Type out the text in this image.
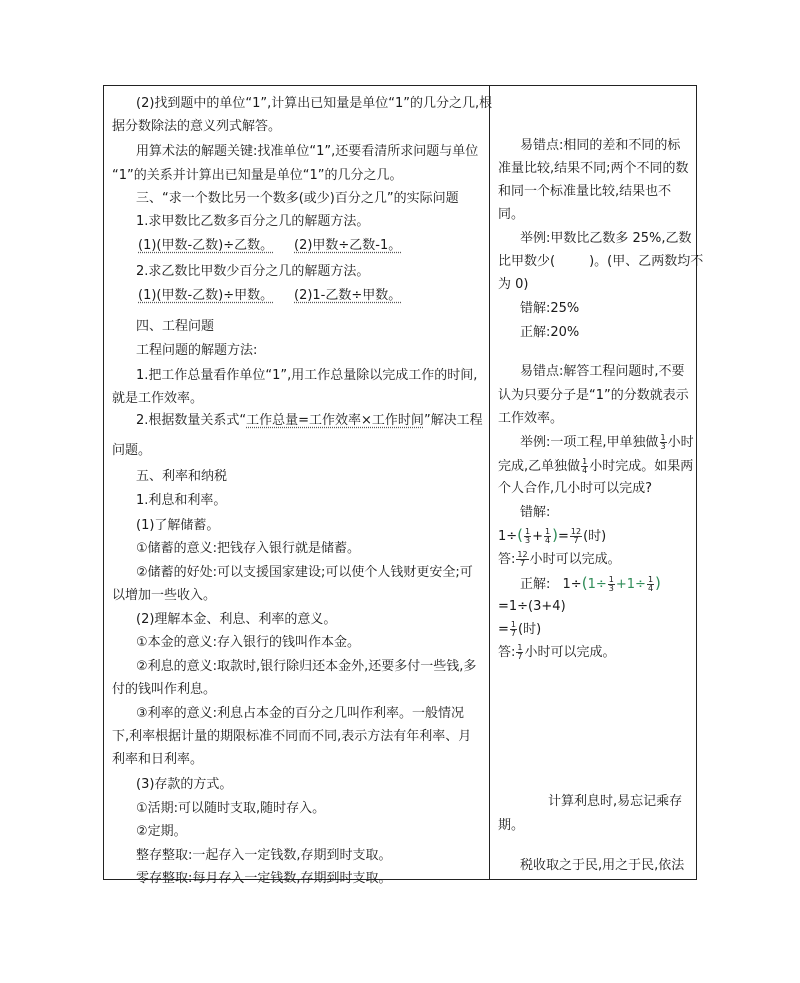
(2)找到题中的单位“1”,计算出已知量是单位“1”的几分之几,根
据分数除法的意义列式解答。
用算术法的解题关键:找准单位“1”,还要看清所求问题与单位
“1”的关系并计算出已知量是单位“1”的几分之几。
三、“求一个数比另一个数多(或少)百分之几”的实际问题
1.求甲数比乙数多百分之几的解题方法。
(1)(甲数-乙数)÷乙数。 (2)甲数÷乙数-1。
2.求乙数比甲数少百分之几的解题方法。
(1)(甲数-乙数)÷甲数。 (2)1-乙数÷甲数。
四、工程问题
工程问题的解题方法:
1.把工作总量看作单位“1”,用工作总量除以完成工作的时间,
就是工作效率。
2.根据数量关系式“工作总量=工作效率×工作时间”解决工程
问题。
五、利率和纳税
1.利息和利率。
(1)了解储蓄。
①储蓄的意义:把钱存入银行就是储蓄。
②储蓄的好处:可以支援国家建设;可以使个人钱财更安全;可
以增加一些收入。
(2)理解本金、利息、利率的意义。
①本金的意义:存入银行的钱叫作本金。
②利息的意义:取款时,银行除归还本金外,还要多付一些钱,多
付的钱叫作利息。
③利率的意义:利息占本金的百分之几叫作利率。一般情况
下,利率根据计量的期限标准不同而不同,表示方法有年利率、月
利率和日利率。
(3)存款的方式。
①活期:可以随时支取,随时存入。
②定期。
整存整取:一起存入一定钱数,存期到时支取。
零存整取:每月存入一定钱数,存期到时支取。
易错点:相同的差和不同的标
准量比较,结果不同;两个不同的数
和同一个标准量比较,结果也不
同。
举例:甲数比乙数多 25%,乙数
比甲数少(	)。(甲、乙两数均不
为 0)
错解:25%
正解:20%
易错点:解答工程问题时,不要
认为只要分子是“1”的分数就表示
工作效率。
举例:一项工程,甲单独做 $\frac{1}{3}$ 小时
完成,乙单独做 $\frac{1}{4}$ 小时完成。如果两
个人合作,几小时可以完成?
错解:
$1\div( \frac{1}{3} + \frac{1}{4}$ )= $\frac{12}{7}$ (时)
答: $\frac{12}{7}$ 小时可以完成。
正解: $1\div(1\div \frac{1}{3} +1\div \frac{1}{4}$ )
=1÷(3+4)
= $\frac{1}{7}$ (时)
答: $\frac{1}{7}$ 小时可以完成。
计算利息时,易忘记乘存
期。
税收取之于民,用之于民,依法
